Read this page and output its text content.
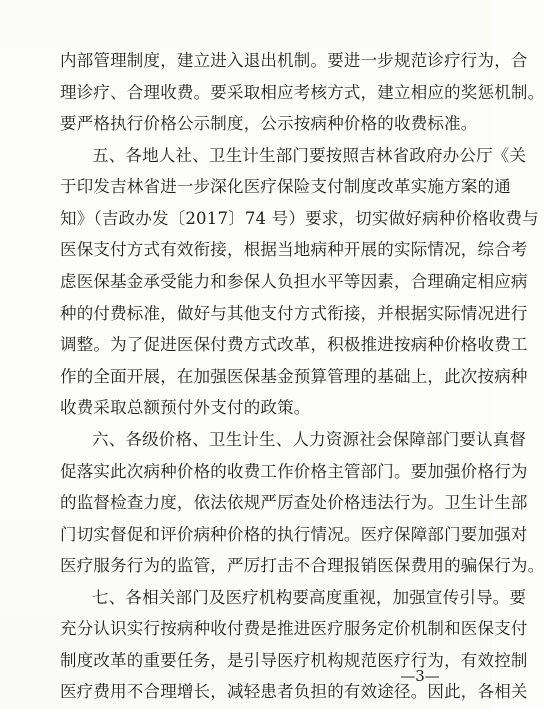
内部管理制度，建立进入退出机制。要进一步规范诊疗行为，合
理诊疗、合理收费。要采取相应考核方式，建立相应的奖惩机制。
要严格执行价格公示制度，公示按病种价格的收费标准。
五、各地人社、卫生计生部门要按照吉林省政府办公厅《关
于印发吉林省进一步深化医疗保险支付制度改革实施方案的通
知》（吉政办发〔2017〕74 号）要求，切实做好病种价格收费与
医保支付方式有效衔接，根据当地病种开展的实际情况，综合考
虑医保基金承受能力和参保人负担水平等因素，合理确定相应病
种的付费标准，做好与其他支付方式衔接，并根据实际情况进行
调整。为了促进医保付费方式改革，积极推进按病种价格收费工
作的全面开展，在加强医保基金预算管理的基础上，此次按病种
收费采取总额预付外支付的政策。
六、各级价格、卫生计生、人力资源社会保障部门要认真督
促落实此次病种价格的收费工作价格主管部门。要加强价格行为
的监督检查力度，依法依规严厉查处价格违法行为。卫生计生部
门切实督促和评价病种价格的执行情况。医疗保障部门要加强对
医疗服务行为的监管，严厉打击不合理报销医保费用的骗保行为。
七、各相关部门及医疗机构要高度重视，加强宣传引导。要
充分认识实行按病种收付费是推进医疗服务定价机制和医保支付
制度改革的重要任务，是引导医疗机构规范医疗行为，有效控制
医疗费用不合理增长，减轻患者负担的有效途径。因此，各相关
—3—
